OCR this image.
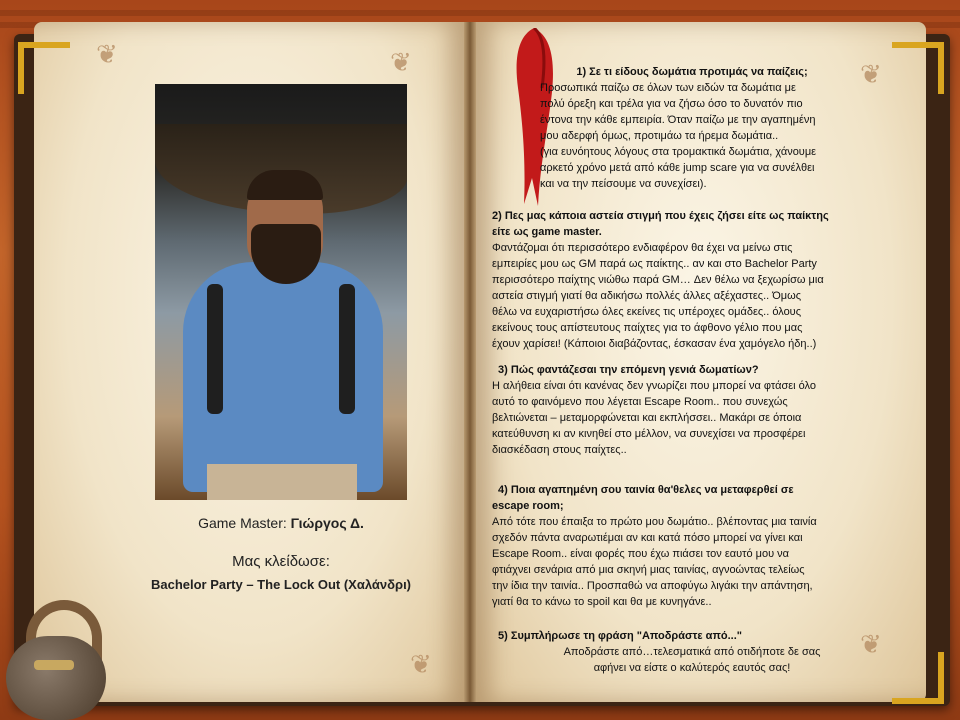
❦	❦
❦
❦
❦
Game Master: Γιώργος Δ.
Μας κλείδωσε:
Bachelor Party – The Lock Out (Χαλάνδρι)
1) Σε τι είδους δωμάτια προτιμάς να παίζεις;
Προσωπικά παίζω σε όλων των ειδών τα δωμάτια με
πολύ όρεξη και τρέλα για να ζήσω όσο το δυνατόν πιο
έντονα την κάθε εμπειρία. Όταν παίζω με την αγαπημένη
μου αδερφή όμως, προτιμάω τα ήρεμα δωμάτια..
(για ευνόητους λόγους στα τρομακτικά δωμάτια, χάνουμε
αρκετό χρόνο μετά από κάθε jump scare για να συνέλθει
και να την πείσουμε να συνεχίσει).
2) Πες μας κάποια αστεία στιγμή που έχεις ζήσει είτε ως παίκτης
είτε ως game master.
Φαντάζομαι ότι περισσότερο ενδιαφέρον θα έχει να μείνω στις
εμπειρίες μου ως GM παρά ως παίκτης.. αν και στο Bachelor Party
περισσότερο παίχτης νιώθω παρά GM… Δεν θέλω να ξεχωρίσω μια
αστεία στιγμή γιατί θα αδικήσω πολλές άλλες αξέχαστες.. Όμως
θέλω να ευχαριστήσω όλες εκείνες τις υπέροχες ομάδες.. όλους
εκείνους τους απίστευτους παίχτες για το άφθονο γέλιο που μας
έχουν χαρίσει! (Κάποιοι διαβάζοντας, έσκασαν ένα χαμόγελο ήδη..)
3) Πώς φαντάζεσαι την επόμενη γενιά δωματίων?
Η αλήθεια είναι ότι κανένας δεν γνωρίζει που μπορεί να φτάσει όλο
αυτό το φαινόμενο που λέγεται Escape Room.. που συνεχώς
βελτιώνεται – μεταμορφώνεται και εκπλήσσει.. Μακάρι σε όποια
κατεύθυνση κι αν κινηθεί στο μέλλον, να συνεχίσει να προσφέρει
διασκέδαση στους παίχτες..
4) Ποια αγαπημένη σου ταινία θα'θελες να μεταφερθεί σε
escape room;
Από τότε που έπαιξα το πρώτο μου δωμάτιο.. βλέποντας μια ταινία
σχεδόν πάντα αναρωτιέμαι αν και κατά πόσο μπορεί να γίνει και
Escape Room.. είναι φορές που έχω πιάσει τον εαυτό μου να
φτιάχνει σενάρια από μια σκηνή μιας ταινίας, αγνοώντας τελείως
την ίδια την ταινία.. Προσπαθώ να αποφύγω λιγάκι την απάντηση,
γιατί θα το κάνω το spoil και θα με κυνηγάνε..
5) Συμπλήρωσε τη φράση "Αποδράστε από..."
Αποδράστε από…τελεσματικά από οτιδήποτε δε σας
αφήνει να είστε ο καλύτερός εαυτός σας!
